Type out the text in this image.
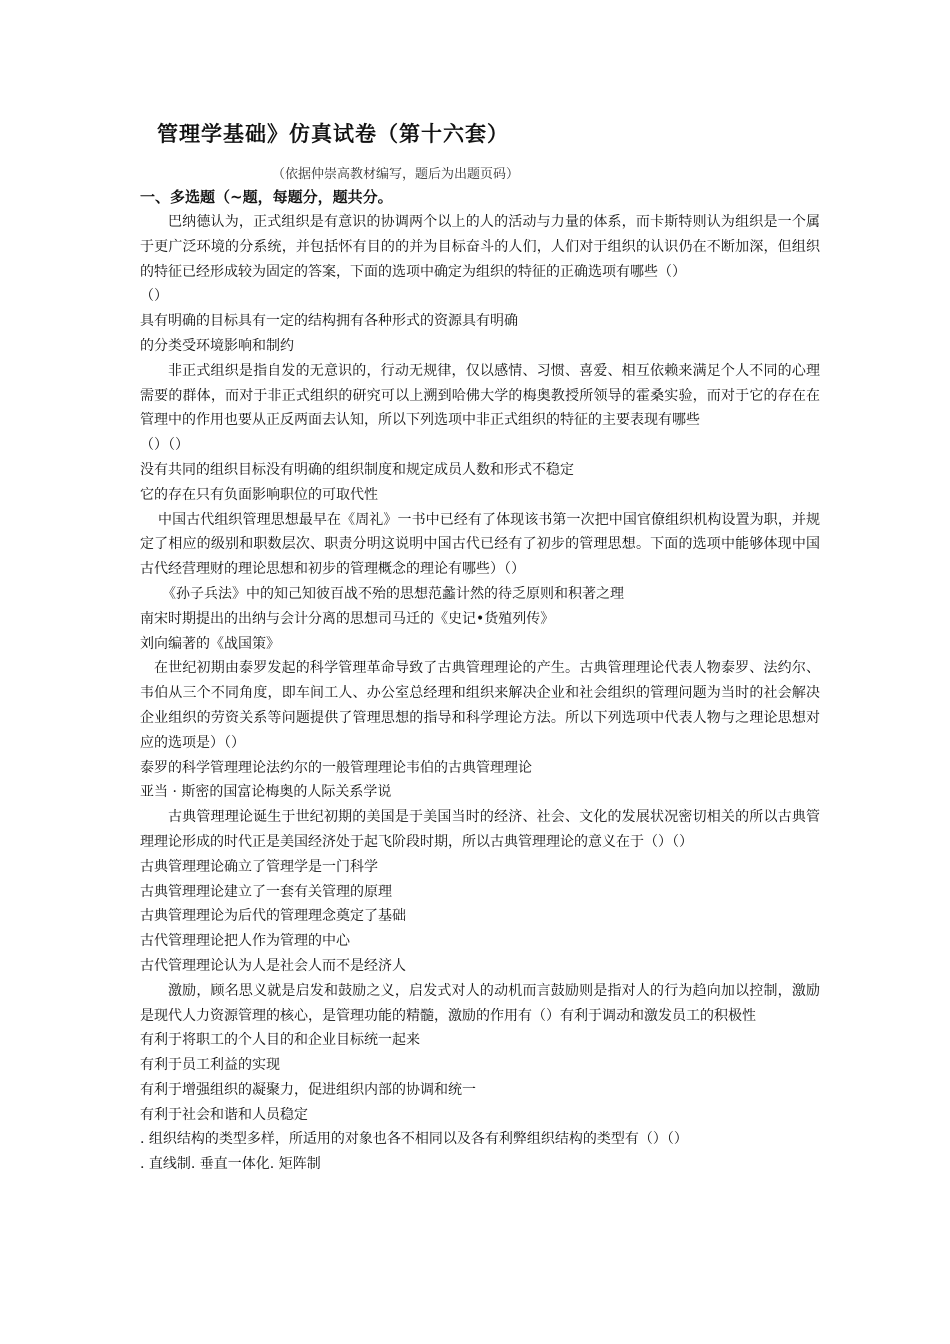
管理学基础》仿真试卷（第十六套）
（依据仲崇高教材编写，题后为出题页码）
一、多选题（~题，每题分，题共分。

巴纳德认为，正式组织是有意识的协调两个以上的人的活动与力量的体系，而卡斯特则认为组织是一个属于更广泛环境的分系统，并包括怀有目的的并为目标奋斗的人们，人们对于组织的认识仍在不断加深，但组织的特征已经形成较为固定的答案，下面的选项中确定为组织的特征的正确选项有哪些（）

（）

具有明确的目标具有一定的结构拥有各种形式的资源具有明确

的分类受环境影响和制约

非正式组织是指自发的无意识的，行动无规律，仅以感情、习惯、喜爱、相互依赖来满足个人不同的心理需要的群体，而对于非正式组织的研究可以上溯到哈佛大学的梅奥教授所领导的霍桑实验，而对于它的存在在管理中的作用也要从正反两面去认知，所以下列选项中非正式组织的特征的主要表现有哪些

（）（）

没有共同的组织目标没有明确的组织制度和规定成员人数和形式不稳定

它的存在只有负面影响职位的可取代性

中国古代组织管理思想最早在《周礼》一书中已经有了体现该书第一次把中国官僚组织机构设置为职，并规定了相应的级别和职数层次、职责分明这说明中国古代已经有了初步的管理思想。下面的选项中能够体现中国古代经营理财的理论思想和初步的管理概念的理论有哪些）（）

《孙子兵法》中的知己知彼百战不殆的思想范蠡计然的待乏原则和积著之理

南宋时期提出的出纳与会计分离的思想司马迁的《史记•货殖列传》

刘向编著的《战国策》

在世纪初期由泰罗发起的科学管理革命导致了古典管理理论的产生。古典管理理论代表人物泰罗、法约尔、韦伯从三个不同角度，即车间工人、办公室总经理和组织来解决企业和社会组织的管理问题为当时的社会解决企业组织的劳资关系等问题提供了管理思想的指导和科学理论方法。所以下列选项中代表人物与之理论思想对应的选项是）（）

泰罗的科学管理理论法约尔的一般管理理论韦伯的古典管理理论

亚当 · 斯密的国富论梅奥的人际关系学说

古典管理理论诞生于世纪初期的美国是于美国当时的经济、社会、文化的发展状况密切相关的所以古典管理理论形成的时代正是美国经济处于起飞阶段时期，所以古典管理理论的意义在于（）（）

古典管理理论确立了管理学是一门科学

古典管理理论建立了一套有关管理的原理

古典管理理论为后代的管理理念奠定了基础

古代管理理论把人作为管理的中心

古代管理理论认为人是社会人而不是经济人

激励，顾名思义就是启发和鼓励之义，启发式对人的动机而言鼓励则是指对人的行为趋向加以控制，激励是现代人力资源管理的核心，是管理功能的精髓，激励的作用有（）有利于调动和激发员工的积极性

有利于将职工的个人目的和企业目标统一起来

有利于员工利益的实现

有利于增强组织的凝聚力，促进组织内部的协调和统一

有利于社会和谐和人员稳定

. 组织结构的类型多样，所适用的对象也各不相同以及各有利弊组织结构的类型有（）（）

. 直线制. 垂直一体化. 矩阵制
